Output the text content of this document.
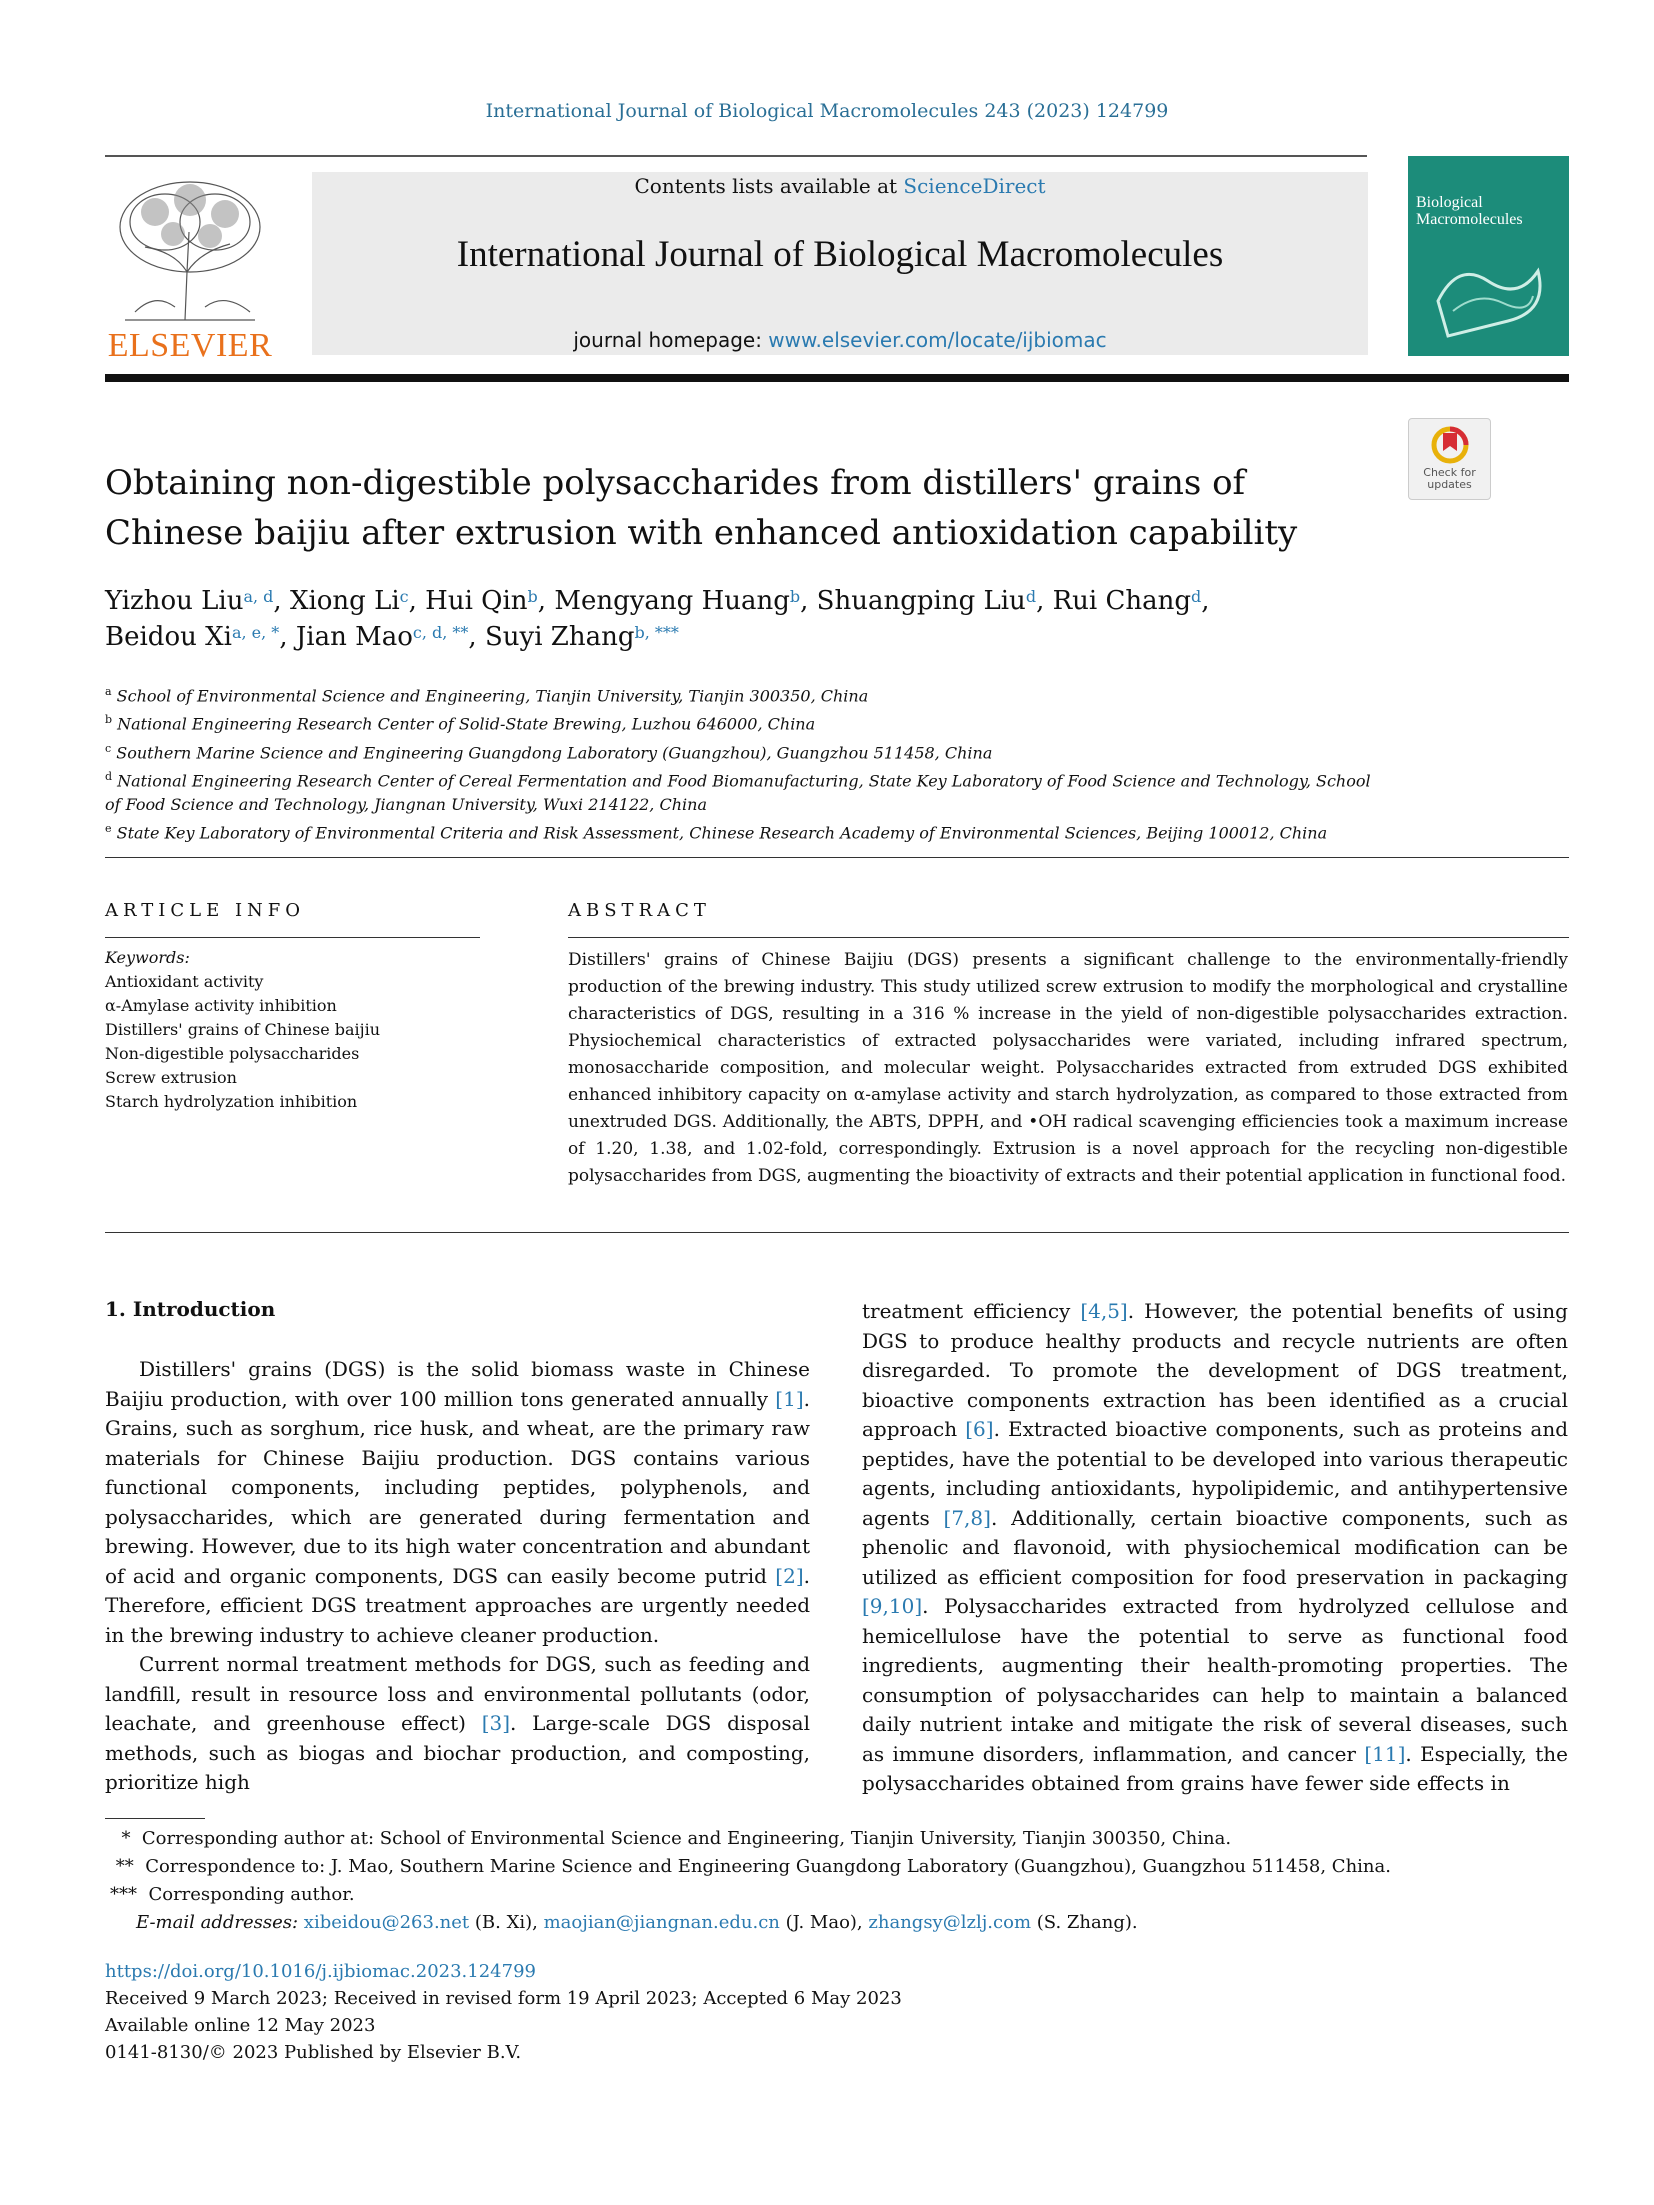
International Journal of Biological Macromolecules 243 (2023) 124799
ELSEVIER
Contents lists available at ScienceDirect
International Journal of Biological Macromolecules
journal homepage: www.elsevier.com/locate/ijbiomac
Biological
Macromolecules
Check for
updates
Obtaining non-digestible polysaccharides from distillers' grains of Chinese baijiu after extrusion with enhanced antioxidation capability
Yizhou Liu$^{a, d}$, Xiong Li$^c$, Hui Qin$^b$, Mengyang Huang$^b$, Shuangping Liu$^d$, Rui Chang$^d$,
Beidou $Xi^{a, e, *}$, Jian Mao$^{c, d, **}$, Suyi Zhang$^{b, ***}$
$^a$ School of Environmental Science and Engineering, Tianjin University, Tianjin 300350, China
$^b$ National Engineering Research Center of Solid-State Brewing, Luzhou 646000, China
$^c$ Southern Marine Science and Engineering Guangdong Laboratory (Guangzhou), Guangzhou 511458, China
$^d$ National Engineering Research Center of Cereal Fermentation and Food Biomanufacturing, State Key Laboratory of Food Science and Technology, School of Food Science and Technology, Jiangnan University, Wuxi 214122, China
$^e$ State Key Laboratory of Environmental Criteria and Risk Assessment, Chinese Research Academy of Environmental Sciences, Beijing 100012, China
ARTICLE INFO	ABSTRACT
Keywords:
Antioxidant activity
α-Amylase activity inhibition
Distillers' grains of Chinese baijiu
Non-digestible polysaccharides
Screw extrusion
Starch hydrolyzation inhibition
Distillers' grains of Chinese Baijiu (DGS) presents a significant challenge to the environmentally-friendly production of the brewing industry. This study utilized screw extrusion to modify the morphological and crystalline characteristics of DGS, resulting in a 316 % increase in the yield of non-digestible polysaccharides extraction. Physiochemical characteristics of extracted polysaccharides were variated, including infrared spectrum, monosaccharide composition, and molecular weight. Polysaccharides extracted from extruded DGS exhibited enhanced inhibitory capacity on α-amylase activity and starch hydrolyzation, as compared to those extracted from unextruded DGS. Additionally, the ABTS, DPPH, and •OH radical scavenging efficiencies took a maximum increase of 1.20, 1.38, and 1.02-fold, correspondingly. Extrusion is a novel approach for the recycling non-digestible polysaccharides from DGS, augmenting the bioactivity of extracts and their potential application in functional food.
1. Introduction

Distillers' grains (DGS) is the solid biomass waste in Chinese Baijiu production, with over 100 million tons generated annually [1]. Grains, such as sorghum, rice husk, and wheat, are the primary raw materials for Chinese Baijiu production. DGS contains various functional components, including peptides, polyphenols, and polysaccharides, which are generated during fermentation and brewing. However, due to its high water concentration and abundant of acid and organic components, DGS can easily become putrid [2]. Therefore, efficient DGS treatment approaches are urgently needed in the brewing industry to achieve cleaner production.

Current normal treatment methods for DGS, such as feeding and landfill, result in resource loss and environmental pollutants (odor, leachate, and greenhouse effect) [3]. Large-scale DGS disposal methods, such as biogas and biochar production, and composting, prioritize high

treatment efficiency [4,5]. However, the potential benefits of using DGS to produce healthy products and recycle nutrients are often disregarded. To promote the development of DGS treatment, bioactive components extraction has been identified as a crucial approach [6]. Extracted bioactive components, such as proteins and peptides, have the potential to be developed into various therapeutic agents, including antioxidants, hypolipidemic, and antihypertensive agents [7,8]. Additionally, certain bioactive components, such as phenolic and flavonoid, with physiochemical modification can be utilized as efficient composition for food preservation in packaging [9,10]. Polysaccharides extracted from hydrolyzed cellulose and hemicellulose have the potential to serve as functional food ingredients, augmenting their health-promoting properties. The consumption of polysaccharides can help to maintain a balanced daily nutrient intake and mitigate the risk of several diseases, such as immune disorders, inflammation, and cancer [11]. Especially, the polysaccharides obtained from grains have fewer side effects in

* Corresponding author at: School of Environmental Science and Engineering, Tianjin University, Tianjin 300350, China.
** Correspondence to: J. Mao, Southern Marine Science and Engineering Guangdong Laboratory (Guangzhou), Guangzhou 511458, China.
*** Corresponding author.
E-mail addresses: xibeidou@263.net (B. Xi), maojian@jiangnan.edu.cn (J. Mao), zhangsy@lzlj.com (S. Zhang).
https://doi.org/10.1016/j.ijbiomac.2023.124799
Received 9 March 2023; Received in revised form 19 April 2023; Accepted 6 May 2023
Available online 12 May 2023
0141-8130/© 2023 Published by Elsevier B.V.
